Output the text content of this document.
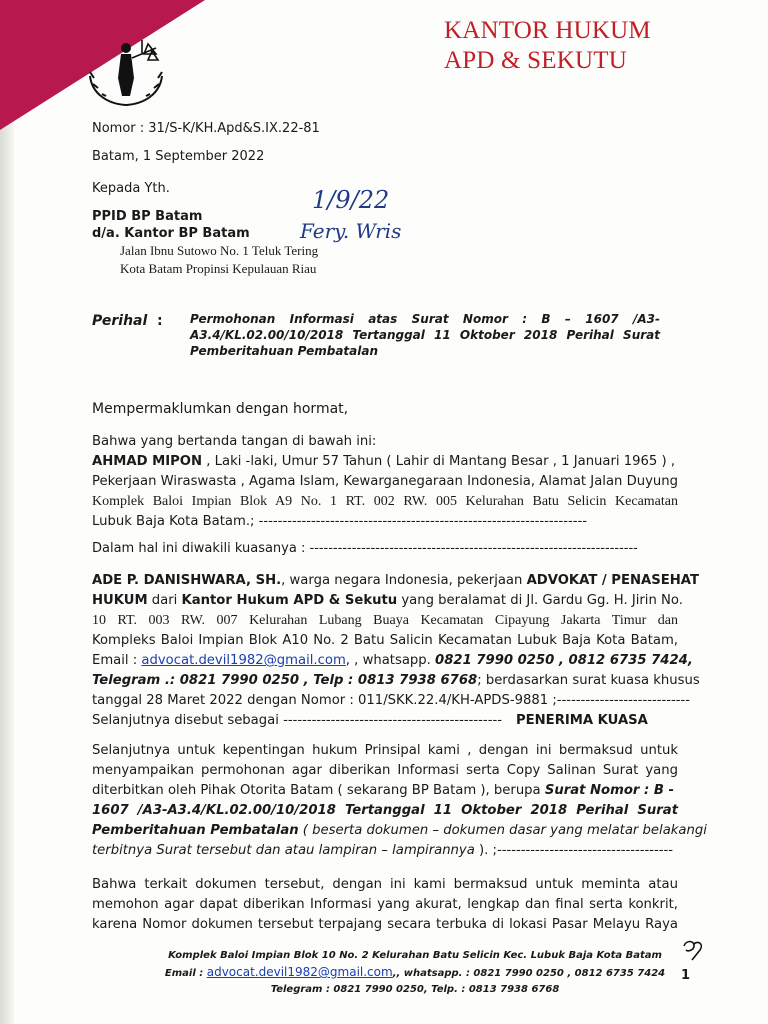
KANTOR HUKUM
APD & SEKUTU
Nomor : 31/S-K/KH.Apd&S.IX.22-81
Batam, 1 September 2022
Kepada Yth.
PPID BP Batam
d/a. Kantor BP Batam
Jalan Ibnu Sutowo No. 1 Teluk Tering
Kota Batam Propinsi Kepulauan Riau
1/9/22
Fery. Wris
Perihal : Permohonan Informasi atas Surat Nomor : B – 1607 /A3-
A3.4/KL.02.00/10/2018 Tertanggal 11 Oktober 2018 Perihal Surat
Pemberitahuan Pembatalan
Mempermaklumkan dengan hormat,
Bahwa yang bertanda tangan di bawah ini:
AHMAD MIPON , Laki -laki, Umur 57 Tahun ( Lahir di Mantang Besar , 1 Januari 1965 ) ,
Pekerjaan Wiraswasta , Agama Islam, Kewarganegaraan Indonesia, Alamat Jalan Duyung
Komplek Baloi Impian Blok A9 No. 1 RT. 002 RW. 005 Kelurahan Batu Selicin Kecamatan
Lubuk Baja Kota Batam.; ---------------------------------------------------------------------
Dalam hal ini diwakili kuasanya : ----------------------------------------------------------------------
ADE P. DANISHWARA, SH., warga negara Indonesia, pekerjaan ADVOKAT / PENASEHAT
HUKUM dari Kantor Hukum APD & Sekutu yang beralamat di Jl. Gardu Gg. H. Jirin No.
10 RT. 003 RW. 007 Kelurahan Lubang Buaya Kecamatan Cipayung Jakarta Timur dan
Kompleks Baloi Impian Blok A10 No. 2 Batu Salicin Kecamatan Lubuk Baja Kota Batam,
Email : advocat.devil1982@gmail.com, , whatsapp. 0821 7990 0250 , 0812 6735 7424,
Telegram .: 0821 7990 0250 , Telp : 0813 7938 6768; berdasarkan surat kuasa khusus
tanggal 28 Maret 2022 dengan Nomor : 011/SKK.22.4/KH-APDS-9881 ;----------------------------
Selanjutnya disebut sebagai ---------------------------------------------- PENERIMA KUASA
Selanjutnya untuk kepentingan hukum Prinsipal kami , dengan ini bermaksud untuk
menyampaikan permohonan agar diberikan Informasi serta Copy Salinan Surat yang
diterbitkan oleh Pihak Otorita Batam ( sekarang BP Batam ), berupa Surat Nomor : B -
1607 /A3-A3.4/KL.02.00/10/2018 Tertanggal 11 Oktober 2018 Perihal Surat
Pemberitahuan Pembatalan ( beserta dokumen – dokumen dasar yang melatar belakangi
terbitnya Surat tersebut dan atau lampiran – lampirannya ). ;-------------------------------------
Bahwa terkait dokumen tersebut, dengan ini kami bermaksud untuk meminta atau
memohon agar dapat diberikan Informasi yang akurat, lengkap dan final serta konkrit,
karena Nomor dokumen tersebut terpajang secara terbuka di lokasi Pasar Melayu Raya
Komplek Baloi Impian Blok 10 No. 2 Kelurahan Batu Selicin Kec. Lubuk Baja Kota Batam
Email : advocat.devil1982@gmail.com,, whatsapp. : 0821 7990 0250 , 0812 6735 7424
Telegram : 0821 7990 0250, Telp. : 0813 7938 6768
1
